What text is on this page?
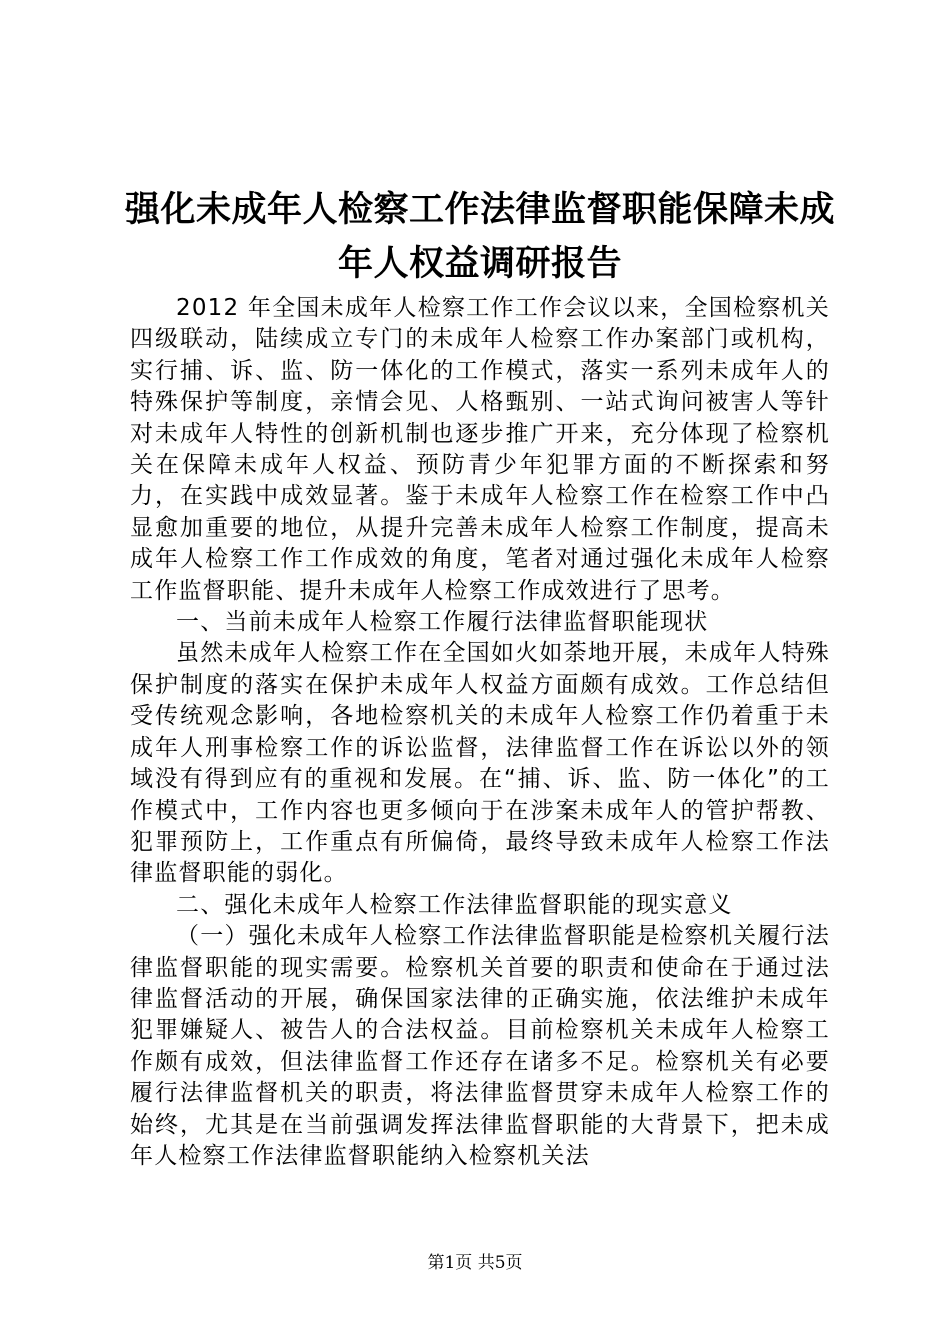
强化未成年人检察工作法律监督职能保障未成
年人权益调研报告

2012 年全国未成年人检察工作工作会议以来，全国检察机关四级联动，陆续成立专门的未成年人检察工作办案部门或机构，实行捕、诉、监、防一体化的工作模式，落实一系列未成年人的特殊保护等制度，亲情会见、人格甄别、一站式询问被害人等针对未成年人特性的创新机制也逐步推广开来，充分体现了检察机关在保障未成年人权益、预防青少年犯罪方面的不断探索和努力，在实践中成效显著。鉴于未成年人检察工作在检察工作中凸显愈加重要的地位，从提升完善未成年人检察工作制度，提高未成年人检察工作工作成效的角度，笔者对通过强化未成年人检察工作监督职能、提升未成年人检察工作成效进行了思考。

一、当前未成年人检察工作履行法律监督职能现状

虽然未成年人检察工作在全国如火如荼地开展，未成年人特殊保护制度的落实在保护未成年人权益方面颇有成效。工作总结但受传统观念影响，各地检察机关的未成年人检察工作仍着重于未成年人刑事检察工作的诉讼监督，法律监督工作在诉讼以外的领域没有得到应有的重视和发展。在“捕、诉、监、防一体化”的工作模式中，工作内容也更多倾向于在涉案未成年人的管护帮教、犯罪预防上，工作重点有所偏倚，最终导致未成年人检察工作法律监督职能的弱化。

二、强化未成年人检察工作法律监督职能的现实意义

（一）强化未成年人检察工作法律监督职能是检察机关履行法律监督职能的现实需要。检察机关首要的职责和使命在于通过法律监督活动的开展，确保国家法律的正确实施，依法维护未成年犯罪嫌疑人、被告人的合法权益。目前检察机关未成年人检察工作颇有成效，但法律监督工作还存在诸多不足。检察机关有必要履行法律监督机关的职责，将法律监督贯穿未成年人检察工作的始终，尤其是在当前强调发挥法律监督职能的大背景下，把未成年人检察工作法律监督职能纳入检察机关法

第1页 共5页
